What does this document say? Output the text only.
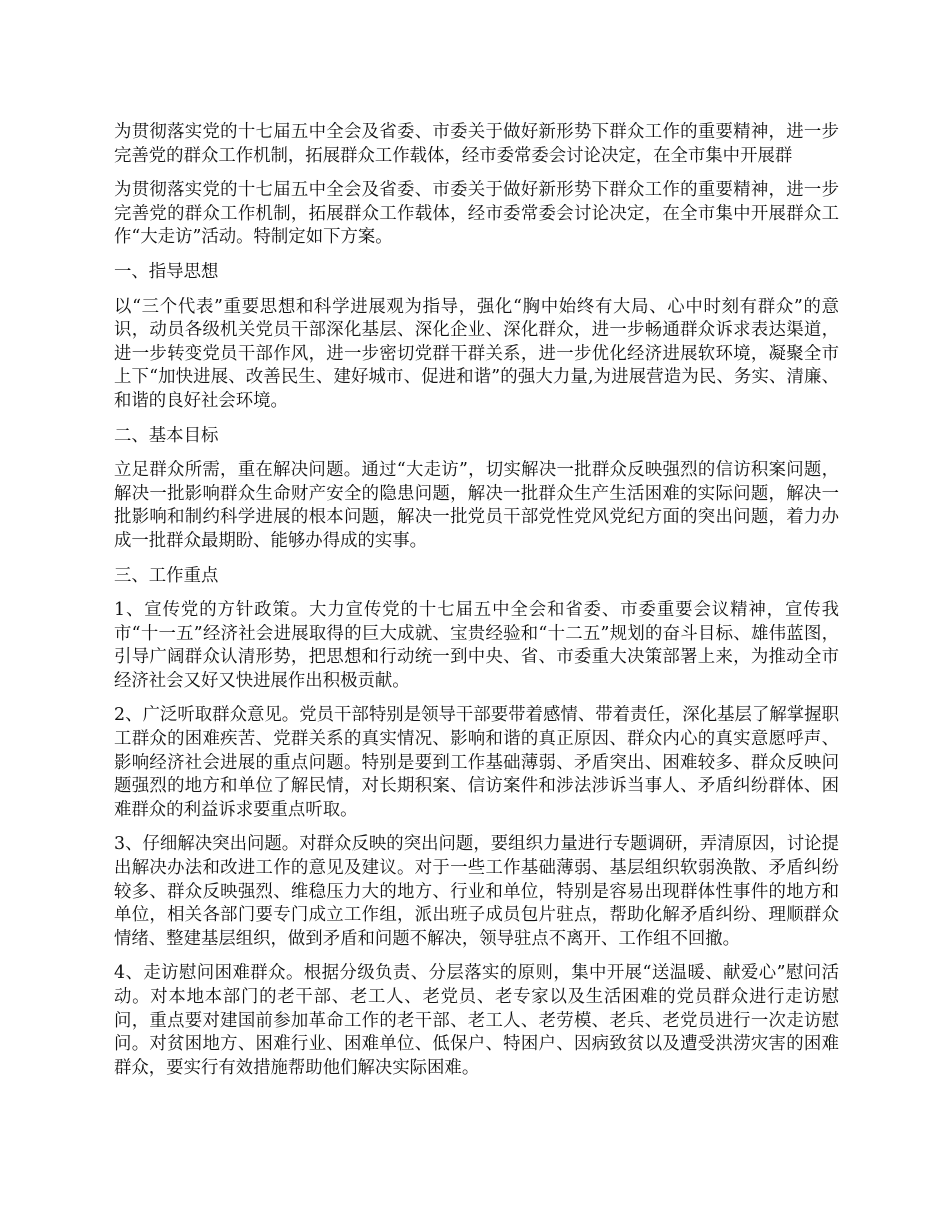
为贯彻落实党的十七届五中全会及省委、市委关于做好新形势下群众工作的重要精神，进一步完善党的群众工作机制，拓展群众工作载体，经市委常委会讨论决定，在全市集中开展群

为贯彻落实党的十七届五中全会及省委、市委关于做好新形势下群众工作的重要精神，进一步完善党的群众工作机制，拓展群众工作载体，经市委常委会讨论决定，在全市集中开展群众工作“大走访”活动。特制定如下方案。

一、指导思想

以“三个代表”重要思想和科学进展观为指导，强化“胸中始终有大局、心中时刻有群众”的意识，动员各级机关党员干部深化基层、深化企业、深化群众，进一步畅通群众诉求表达渠道，进一步转变党员干部作风，进一步密切党群干群关系，进一步优化经济进展软环境，凝聚全市上下“加快进展、改善民生、建好城市、促进和谐”的强大力量,为进展营造为民、务实、清廉、和谐的良好社会环境。

二、基本目标

立足群众所需，重在解决问题。通过“大走访”，切实解决一批群众反映强烈的信访积案问题，解决一批影响群众生命财产安全的隐患问题，解决一批群众生产生活困难的实际问题，解决一批影响和制约科学进展的根本问题，解决一批党员干部党性党风党纪方面的突出问题，着力办成一批群众最期盼、能够办得成的实事。

三、工作重点

1、宣传党的方针政策。大力宣传党的十七届五中全会和省委、市委重要会议精神，宣传我市“十一五”经济社会进展取得的巨大成就、宝贵经验和“十二五”规划的奋斗目标、雄伟蓝图，引导广阔群众认清形势，把思想和行动统一到中央、省、市委重大决策部署上来，为推动全市经济社会又好又快进展作出积极贡献。

2、广泛听取群众意见。党员干部特别是领导干部要带着感情、带着责任，深化基层了解掌握职工群众的困难疾苦、党群关系的真实情况、影响和谐的真正原因、群众内心的真实意愿呼声、影响经济社会进展的重点问题。特别是要到工作基础薄弱、矛盾突出、困难较多、群众反映问题强烈的地方和单位了解民情，对长期积案、信访案件和涉法涉诉当事人、矛盾纠纷群体、困难群众的利益诉求要重点听取。

3、仔细解决突出问题。对群众反映的突出问题，要组织力量进行专题调研，弄清原因，讨论提出解决办法和改进工作的意见及建议。对于一些工作基础薄弱、基层组织软弱涣散、矛盾纠纷较多、群众反映强烈、维稳压力大的地方、行业和单位，特别是容易出现群体性事件的地方和单位，相关各部门要专门成立工作组，派出班子成员包片驻点，帮助化解矛盾纠纷、理顺群众情绪、整建基层组织，做到矛盾和问题不解决，领导驻点不离开、工作组不回撤。

4、走访慰问困难群众。根据分级负责、分层落实的原则，集中开展“送温暖、献爱心”慰问活动。对本地本部门的老干部、老工人、老党员、老专家以及生活困难的党员群众进行走访慰问，重点要对建国前参加革命工作的老干部、老工人、老劳模、老兵、老党员进行一次走访慰问。对贫困地方、困难行业、困难单位、低保户、特困户、因病致贫以及遭受洪涝灾害的困难群众，要实行有效措施帮助他们解决实际困难。
